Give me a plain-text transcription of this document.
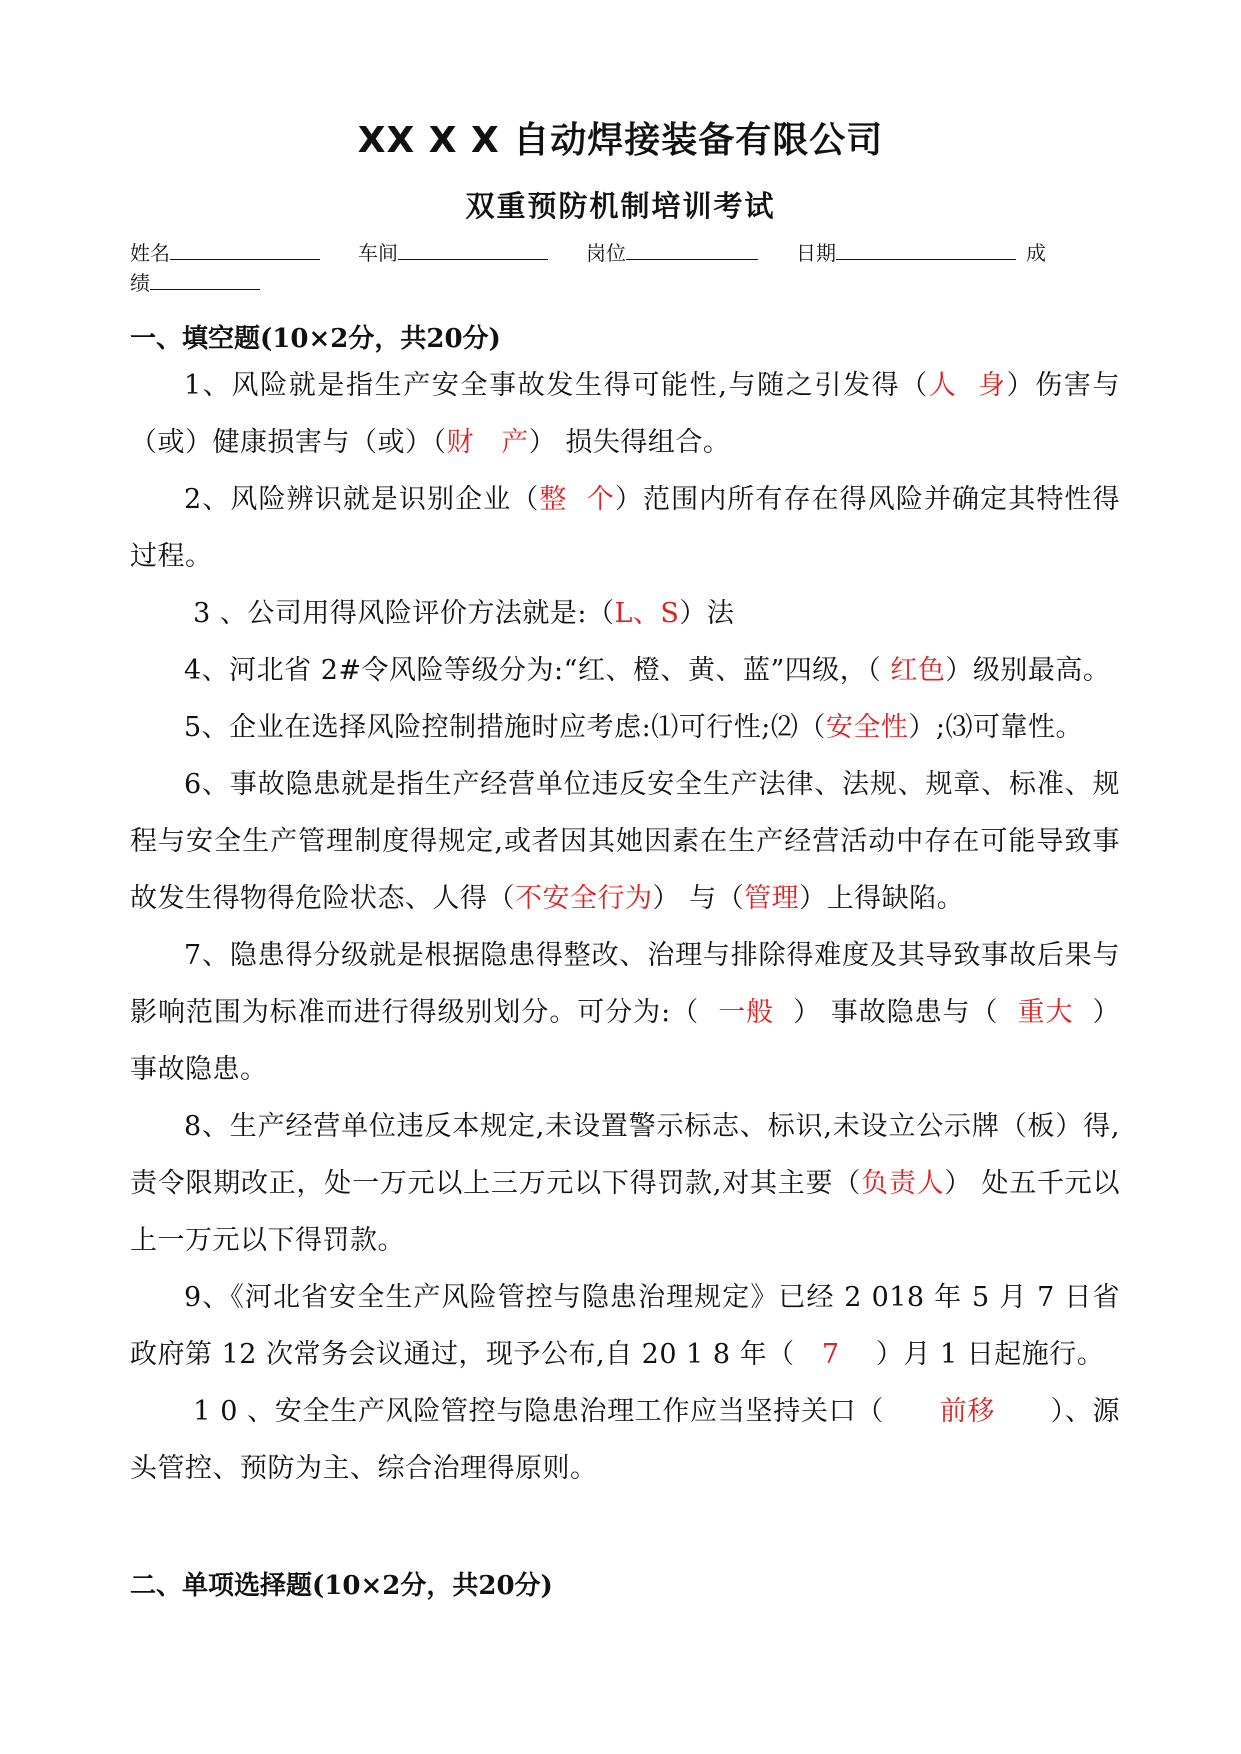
XX X X 自动焊接装备有限公司
双重预防机制培训考试
姓名	车间	岗位	日期	成
绩
一、填空题(10×2分，共20分)

1、风险就是指生产安全事故发生得可能性,与随之引发得（人  身）伤害与（或）健康损害与（或）（财   产） 损失得组合。

2、风险辨识就是识别企业（整  个）范围内所有存在得风险并确定其特性得过程。

3 、公司用得风险评价方法就是:（L、S）法

4、河北省 2#令风险等级分为:“红、橙、黄、蓝”四级，（ 红色）级别最高。

5、企业在选择风险控制措施时应考虑:⑴可行性;⑵（安全性）;⑶可靠性。

6、事故隐患就是指生产经营单位违反安全生产法律、法规、规章、标准、规程与安全生产管理制度得规定,或者因其她因素在生产经营活动中存在可能导致事故发生得物得危险状态、人得（不安全行为） 与（管理）上得缺陷。

7、隐患得分级就是根据隐患得整改、治理与排除得难度及其导致事故后果与影响范围为标准而进行得级别划分。可分为:（  一般  ） 事故隐患与（  重大  ）事故隐患。

8、生产经营单位违反本规定,未设置警示标志、标识,未设立公示牌（板）得,责令限期改正，处一万元以上三万元以下得罚款,对其主要（负责人） 处五千元以上一万元以下得罚款。

9、《河北省安全生产风险管控与隐患治理规定》已经 2 018 年 5 月 7 日省政府第 12 次常务会议通过，现予公布,自 20 1 8 年（   7    ）月 1 日起施行。

1 0 、安全生产风险管控与隐患治理工作应当坚持关口（      前移      ）、源头管控、预防为主、综合治理得原则。

二、单项选择题(10×2分，共20分)
